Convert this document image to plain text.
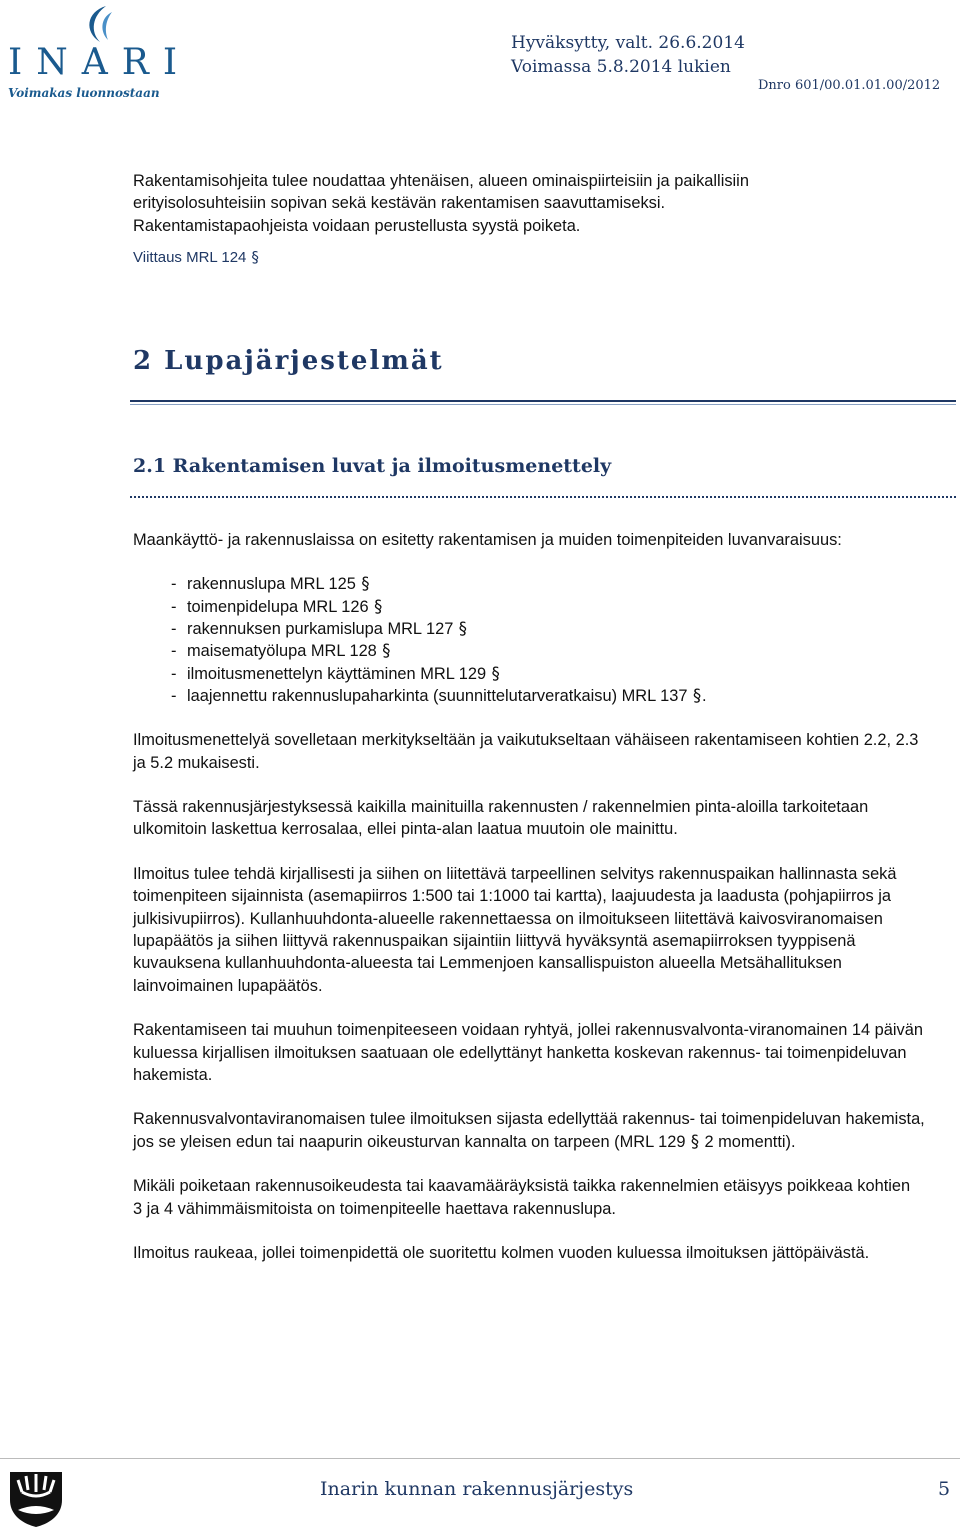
INARI
Voimakas luonnostaan
Hyväksytty, valt. 26.6.2014
Voimassa 5.8.2014 lukien
Dnro 601/00.01.01.00/2012

Rakentamisohjeita tulee noudattaa yhtenäisen, alueen ominaispiirteisiin ja paikallisiin

erityisolosuhteisiin sopivan sekä kestävän rakentamisen saavuttamiseksi.

Rakentamistapaohjeista voidaan perustellusta syystä poiketa.

Viittaus MRL 124 §

2 Lupajärjestelmät
2.1 Rakentamisen luvat ja ilmoitusmenettely

Maankäyttö- ja rakennuslaissa on esitetty rakentamisen ja muiden toimenpiteiden luvanvaraisuus:

- rakennuslupa MRL 125 §
- toimenpidelupa MRL 126 §
- rakennuksen purkamislupa MRL 127 §
- maisematyölupa MRL 128 §
- ilmoitusmenettelyn käyttäminen MRL 129 §
- laajennettu rakennuslupaharkinta (suunnittelutarveratkaisu) MRL 137 §.

Ilmoitusmenettelyä sovelletaan merkitykseltään ja vaikutukseltaan vähäiseen rakentamiseen kohtien 2.2, 2.3 ja 5.2 mukaisesti.

Tässä rakennusjärjestyksessä kaikilla mainituilla rakennusten / rakennelmien pinta-aloilla tarkoitetaan ulkomitoin laskettua kerrosalaa, ellei pinta-alan laatua muutoin ole mainittu.

Ilmoitus tulee tehdä kirjallisesti ja siihen on liitettävä tarpeellinen selvitys rakennuspaikan hallinnasta sekä toimenpiteen sijainnista (asemapiirros 1:500 tai 1:1000 tai kartta), laajuudesta ja laadusta (pohjapiirros ja julkisivupiirros). Kullanhuuhdonta-alueelle rakennettaessa on ilmoitukseen liitettävä kaivosviranomaisen lupapäätös ja siihen liittyvä rakennuspaikan sijaintiin liittyvä hyväksyntä asemapiirroksen tyyppisenä kuvauksena kullanhuuhdonta-alueesta tai Lemmenjoen kansallispuiston alueella Metsähallituksen lainvoimainen lupapäätös.

Rakentamiseen tai muuhun toimenpiteeseen voidaan ryhtyä, jollei rakennusvalvonta-viranomainen 14 päivän kuluessa kirjallisen ilmoituksen saatuaan ole edellyttänyt hanketta koskevan rakennus- tai toimenpideluvan hakemista.

Rakennusvalvontaviranomaisen tulee ilmoituksen sijasta edellyttää rakennus- tai toimenpideluvan hakemista, jos se yleisen edun tai naapurin oikeusturvan kannalta on tarpeen (MRL 129 § 2 momentti).

Mikäli poiketaan rakennusoikeudesta tai kaavamääräyksistä taikka rakennelmien etäisyys poikkeaa kohtien 3 ja 4 vähimmäismitoista on toimenpiteelle haettava rakennuslupa.

Ilmoitus raukeaa, jollei toimenpidettä ole suoritettu kolmen vuoden kuluessa ilmoituksen jättöpäivästä.

Inarin kunnan rakennusjärjestys	5
